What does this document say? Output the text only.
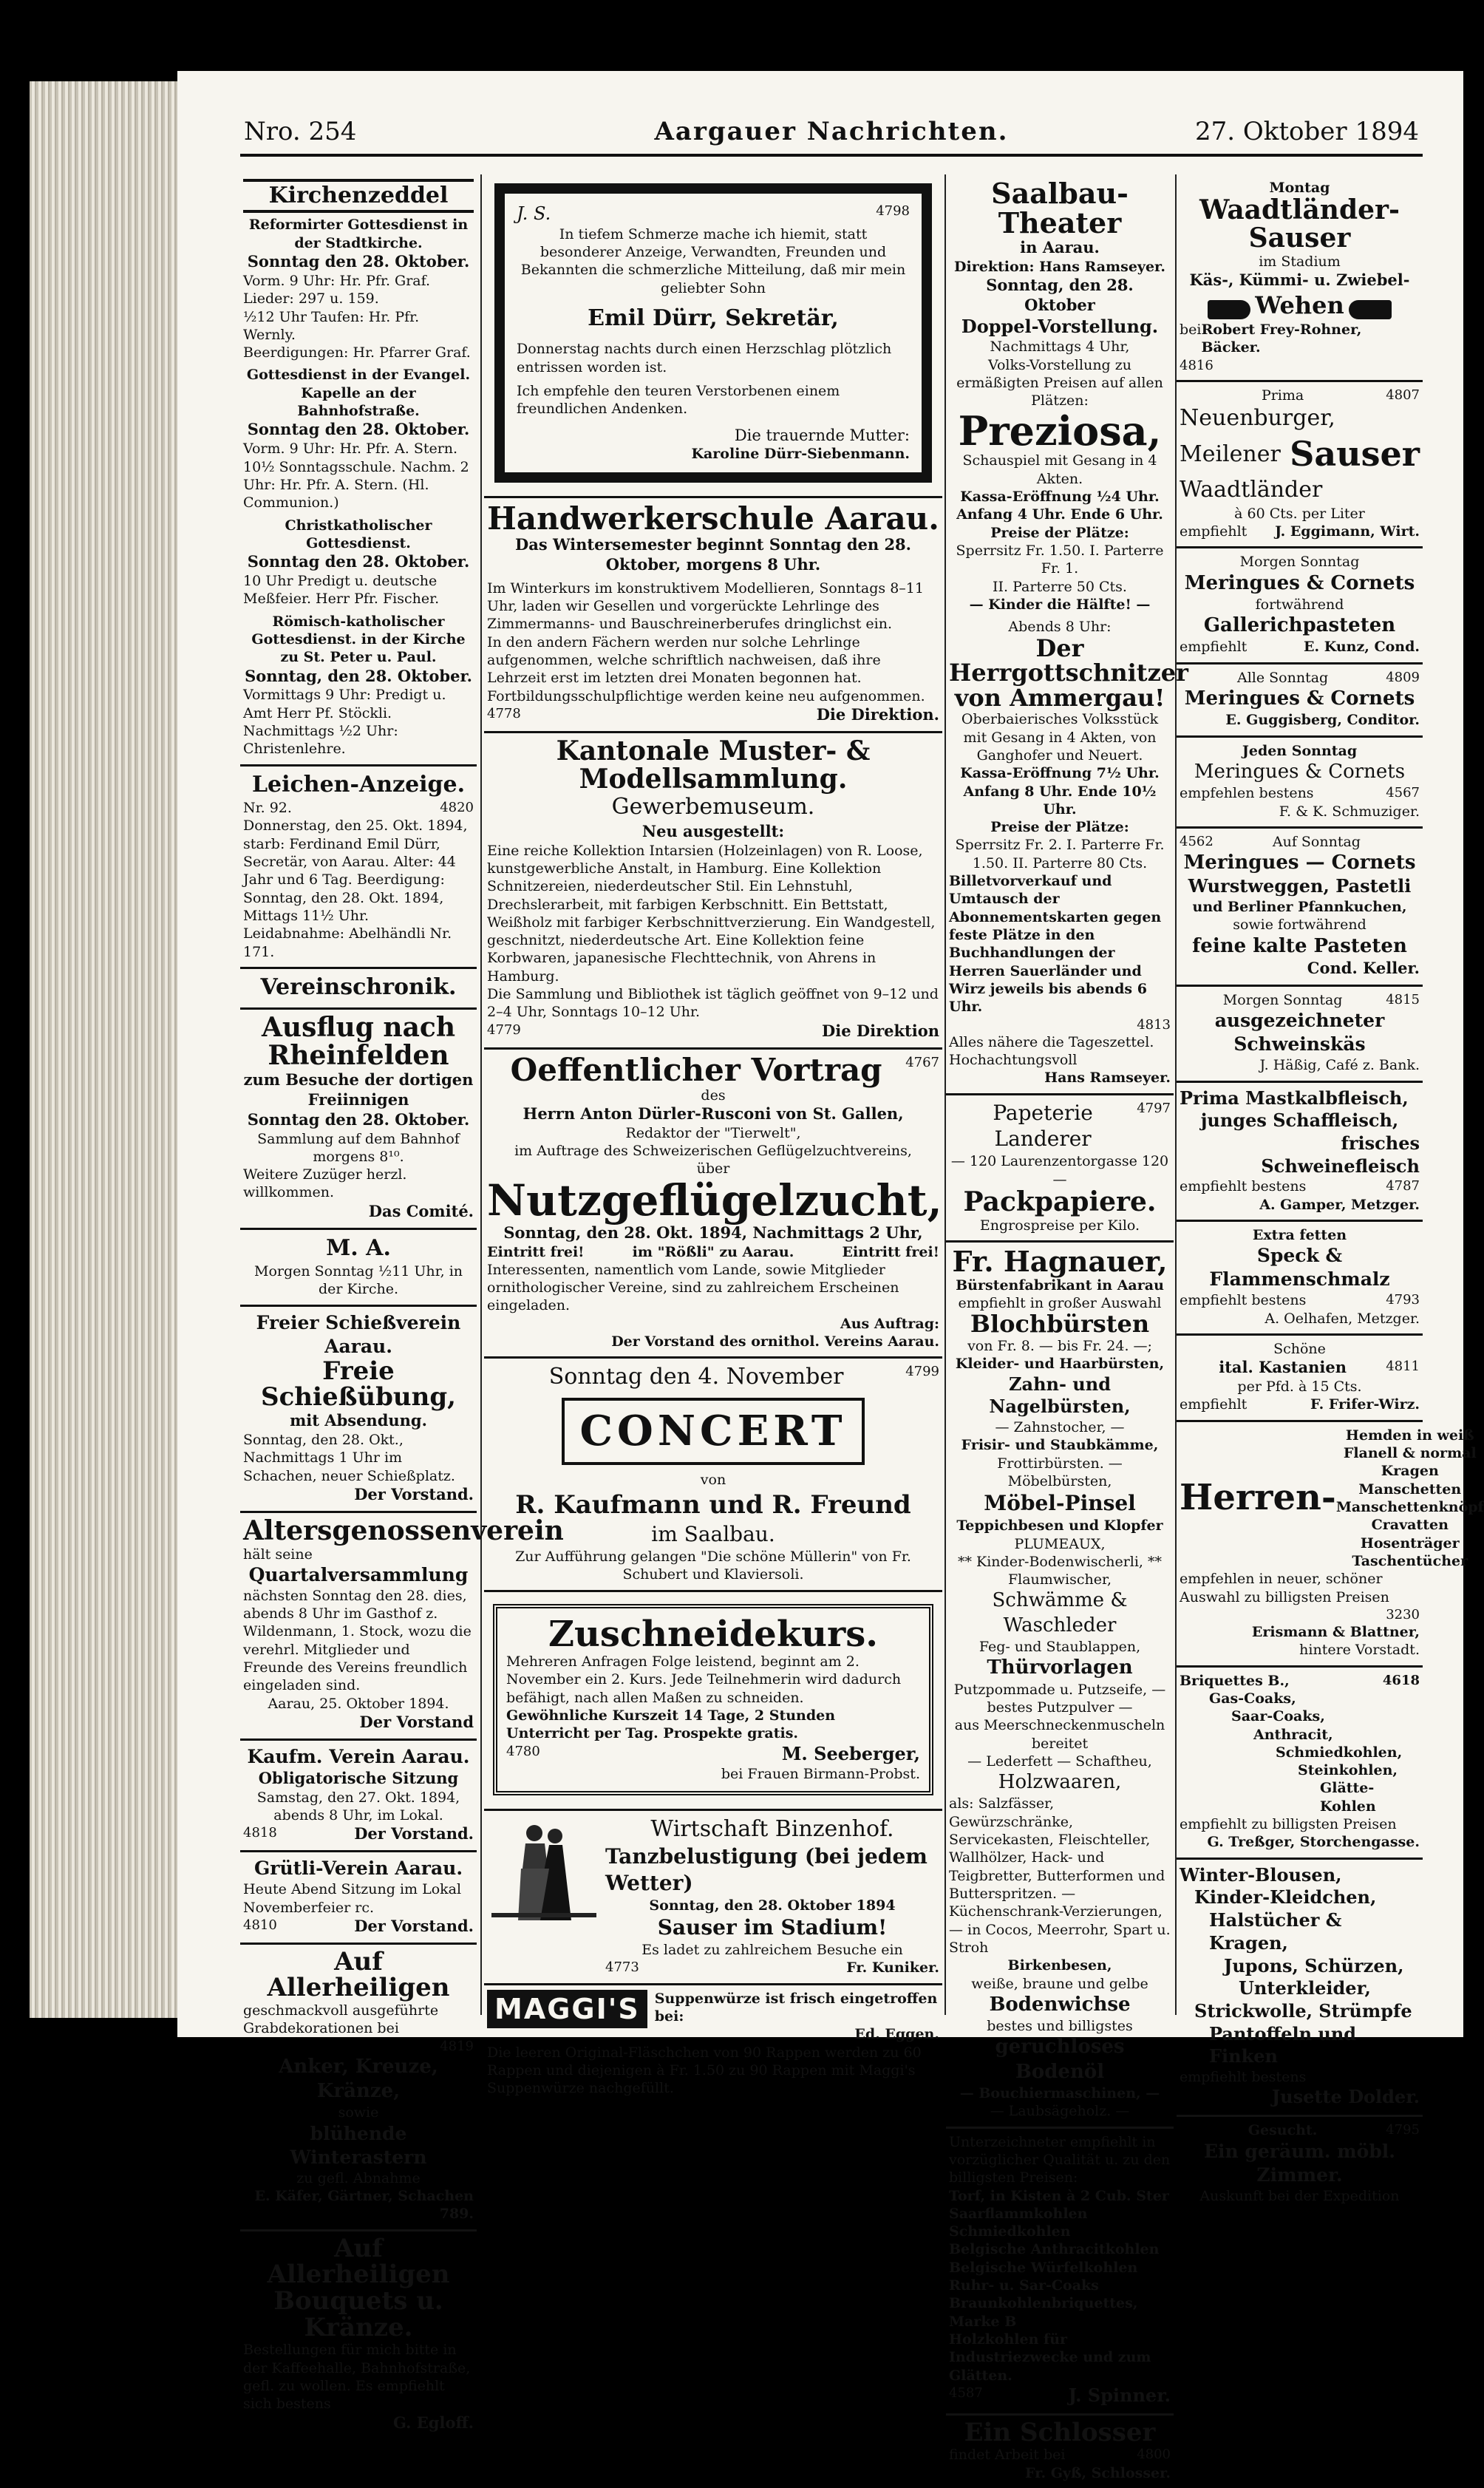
Nro. 254	Aargauer Nachrichten.	27. Oktober 1894
Kirchenzeddel
Reformirter Gottesdienst in der Stadtkirche.
Sonntag den 28. Oktober.
Vorm. 9 Uhr: Hr. Pfr. Graf. Lieder: 297 u. 159.
½12 Uhr Taufen: Hr. Pfr. Wernly.
Beerdigungen: Hr. Pfarrer Graf.
Gottesdienst in der Evangel. Kapelle an der Bahnhofstraße.
Sonntag den 28. Oktober.
Vorm. 9 Uhr: Hr. Pfr. A. Stern. 10½ Sonntagsschule. Nachm. 2 Uhr: Hr. Pfr. A. Stern. (Hl. Communion.)
Christkatholischer Gottesdienst.
Sonntag den 28. Oktober.
10 Uhr Predigt u. deutsche Meßfeier. Herr Pfr. Fischer.
Römisch-katholischer Gottesdienst. in der Kirche zu St. Peter u. Paul.
Sonntag, den 28. Oktober.
Vormittags 9 Uhr: Predigt u. Amt Herr Pf. Stöckli. Nachmittags ½2 Uhr: Christenlehre.
Leichen-Anzeige.
Nr. 92.	4820
Donnerstag, den 25. Okt. 1894, starb: Ferdinand Emil Dürr, Secretär, von Aarau. Alter: 44 Jahr und 6 Tag. Beerdigung: Sonntag, den 28. Okt. 1894, Mittags 11½ Uhr. Leidabnahme: Abelhändli Nr. 171.
Vereinschronik.
Ausflug nach Rheinfelden
zum Besuche der dortigen Freiinnigen
Sonntag den 28. Oktober.
Sammlung auf dem Bahnhof morgens 8¹⁰.
Weitere Zuzüger herzl. willkommen.
Das Comité.
M. A.
Morgen Sonntag ½11 Uhr, in der Kirche.
Freier Schießverein Aarau.
Freie Schießübung,
mit Absendung.
Sonntag, den 28. Okt., Nachmittags 1 Uhr im Schachen, neuer Schießplatz.
Der Vorstand.
Altersgenossenverein
hält seine
Quartalversammlung
nächsten Sonntag den 28. dies, abends 8 Uhr im Gasthof z. Wildenmann, 1. Stock, wozu die verehrl. Mitglieder und Freunde des Vereins freundlich eingeladen sind.
Aarau, 25. Oktober 1894.
Der Vorstand
Kaufm. Verein Aarau.
Obligatorische Sitzung
Samstag, den 27. Okt. 1894, abends 8 Uhr, im Lokal.
4818	Der Vorstand.
Grütli-Verein Aarau.
Heute Abend Sitzung im Lokal Novemberfeier rc.
4810	Der Vorstand.
Auf Allerheiligen
geschmackvoll ausgeführte Grabdekorationen bei
4819
Anker, Kreuze, Kränze,
sowie
blühende Winterastern
zu gefl. Abnahme
E. Käfer, Gärtner, Schachen 789.
Auf Allerheiligen
Bouquets u. Kränze.
Bestellungen für mich bitte in der Kaffeehalle, Bahnhofstraße, gefl. zu wollen. Es empfiehlt sich bestens
G. Egloff.
J. S.	4798
In tiefem Schmerze mache ich hiemit, statt besonderer Anzeige, Verwandten, Freunden und Bekannten die schmerzliche Mitteilung, daß mir mein geliebter Sohn
Emil Dürr, Sekretär,
Donnerstag nachts durch einen Herzschlag plötzlich entrissen worden ist.
Ich empfehle den teuren Verstorbenen einem freundlichen Andenken.
Die trauernde Mutter:
Karoline Dürr-Siebenmann.
Handwerkerschule Aarau.
Das Wintersemester beginnt Sonntag den 28. Oktober, morgens 8 Uhr.
Im Winterkurs im konstruktivem Modellieren, Sonntags 8–11 Uhr, laden wir Gesellen und vorgerückte Lehrlinge des Zimmermanns- und Bauschreinerberufes dringlichst ein.
In den andern Fächern werden nur solche Lehrlinge aufgenommen, welche schriftlich nachweisen, daß ihre Lehrzeit erst im letzten drei Monaten begonnen hat. Fortbildungsschulpflichtige werden keine neu aufgenommen.
4778	Die Direktion.
Kantonale Muster- & Modellsammlung.
Gewerbemuseum.
Neu ausgestellt:
Eine reiche Kollektion Intarsien (Holzeinlagen) von R. Loose, kunstgewerbliche Anstalt, in Hamburg. Eine Kollektion Schnitzereien, niederdeutscher Stil. Ein Lehnstuhl, Drechslerarbeit, mit farbigen Kerbschnitt. Ein Bettstatt, Weißholz mit farbiger Kerbschnittverzierung. Ein Wandgestell, geschnitzt, niederdeutsche Art. Eine Kollektion feine Korbwaren, japanesische Flechttechnik, von Ahrens in Hamburg.
Die Sammlung und Bibliothek ist täglich geöffnet von 9–12 und 2–4 Uhr, Sonntags 10–12 Uhr.
4779	Die Direktion
Oeffentlicher Vortrag	4767
des
Herrn Anton Dürler-Rusconi von St. Gallen,
Redaktor der "Tierwelt",
im Auftrage des Schweizerischen Geflügelzuchtvereins,
über
Nutzgeflügelzucht,
Sonntag, den 28. Okt. 1894, Nachmittags 2 Uhr,
Eintritt frei!	im "Rößli" zu Aarau.	Eintritt frei!
Interessenten, namentlich vom Lande, sowie Mitglieder ornithologischer Vereine, sind zu zahlreichem Erscheinen eingeladen.
Aus Auftrag:
Der Vorstand des ornithol. Vereins Aarau.
Sonntag den 4. November	4799
CONCERT
von
R. Kaufmann und R. Freund
im Saalbau.
Zur Aufführung gelangen "Die schöne Müllerin" von Fr. Schubert und Klaviersoli.
Zuschneidekurs.
Mehreren Anfragen Folge leistend, beginnt am 2. November ein 2. Kurs. Jede Teilnehmerin wird dadurch befähigt, nach allen Maßen zu schneiden.
Gewöhnliche Kurszeit 14 Tage, 2 Stunden Unterricht per Tag. Prospekte gratis.
4780	M. Seeberger,
bei Frauen Birmann-Probst.
Wirtschaft Binzenhof.
Tanzbelustigung (bei jedem Wetter)
Sonntag, den 28. Oktober 1894
Sauser im Stadium!
Es ladet zu zahlreichem Besuche ein
4773	Fr. Kuniker.
MAGGI'S	Suppenwürze ist frisch eingetroffen bei:
Ed. Eggen.
Die leeren Original-Fläschchen von 90 Rappen werden zu 60 Rappen und diejenigen à Fr. 1.50 zu 90 Rappen mit Maggi's Suppenwürze nachgefüllt.
Saalbau-Theater
in Aarau.
Direktion: Hans Ramseyer.
Sonntag, den 28. Oktober
Doppel-Vorstellung.
Nachmittags 4 Uhr,
Volks-Vorstellung zu ermäßigten Preisen auf allen Plätzen:
Preziosa,
Schauspiel mit Gesang in 4 Akten.
Kassa-Eröffnung ½4 Uhr. Anfang 4 Uhr. Ende 6 Uhr.
Preise der Plätze:
Sperrsitz Fr. 1.50. I. Parterre Fr. 1.
II. Parterre 50 Cts.
— Kinder die Hälfte! —
Abends 8 Uhr:
Der Herrgottschnitzer von Ammergau!
Oberbaierisches Volksstück mit Gesang in 4 Akten, von Ganghofer und Neuert.
Kassa-Eröffnung 7½ Uhr. Anfang 8 Uhr. Ende 10½ Uhr.
Preise der Plätze:
Sperrsitz Fr. 2. I. Parterre Fr. 1.50. II. Parterre 80 Cts.
Billetvorverkauf und Umtausch der Abonnementskarten gegen feste Plätze in den Buchhandlungen der Herren Sauerländer und Wirz jeweils bis abends 6 Uhr.
4813
Alles nähere die Tageszettel. Hochachtungsvoll
Hans Ramseyer.
Papeterie Landerer
4797
— 120 Laurenzentorgasse 120 —
Packpapiere.
Engrospreise per Kilo.
Fr. Hagnauer,
Bürstenfabrikant in Aarau
empfiehlt in großer Auswahl
Blochbürsten
von Fr. 8. — bis Fr. 24. —;
Kleider- und Haarbürsten,
Zahn- und Nagelbürsten,
— Zahnstocher, —
Frisir- und Staubkämme,
Frottirbürsten. — Möbelbürsten,
Möbel-Pinsel
Teppichbesen und Klopfer
PLUMEAUX,
** Kinder-Bodenwischerli, **
Flaumwischer,
Schwämme & Waschleder
Feg- und Staublappen,
Thürvorlagen
Putzpommade u. Putzseife, — bestes Putzpulver —
aus Meerschneckenmuscheln bereitet
— Lederfett — Schaftheu,
Holzwaaren,
als: Salzfässer, Gewürzschränke, Servicekasten, Fleischteller, Wallhölzer, Hack- und Teigbretter, Butterformen und Butterspritzen. — Küchenschrank-Verzierungen, — in Cocos, Meerrohr, Spart u. Stroh
Birkenbesen,
weiße, braune und gelbe
Bodenwichse
bestes und billigstes
geruchloses Bodenöl
— Bouchiermaschinen, —
— Laubsägeholz. —
Unterzeichneter empfiehlt in vorzüglicher Qualität u. zu den billigsten Preisen:
Torf, in Kisten à 2 Cub. Ster
Saarflammkohlen
Schmiedkohlen
Belgische Anthracitkohlen
Belgische Würfelkohlen
Ruhr- u. Sar-Coaks
Braunkohlenbriquettes, Marke B
Holzkohlen für Industriezwecke und zum Glätten.
4587	J. Spinner.
Ein Schlosser
findet Arbeit bei	4800
Fr. Gyß, Schlosser.
Montag
Waadtländer-Sauser
im Stadium
Käs-, Kümmi- u. Zwiebel-
Wehen
bei Robert Frey-Rohner, Bäcker.
4816
Prima	4807
Neuenburger,
Meilener Sauser
Waadtländer
à 60 Cts. per Liter
empfiehlt J. Eggimann, Wirt.
Morgen Sonntag
Meringues & Cornets
fortwährend
Gallerichpasteten
empfiehlt	E. Kunz, Cond.
Alle Sonntag	4809
Meringues & Cornets
E. Guggisberg, Conditor.
Jeden Sonntag
Meringues & Cornets
empfehlen bestens	4567
F. & K. Schmuziger.
4562	Auf Sonntag
Meringues — Cornets
Wurstweggen, Pastetli
und Berliner Pfannkuchen,
sowie fortwährend
feine kalte Pasteten
Cond. Keller.
Morgen Sonntag	4815
ausgezeichneter Schweinskäs
J. Häßig, Café z. Bank.
Prima Mastkalbfleisch,
junges Schaffleisch,
frisches Schweinefleisch
empfiehlt bestens	4787
A. Gamper, Metzger.
Extra fetten
Speck & Flammenschmalz
empfiehlt bestens	4793
A. Oelhafen, Metzger.
Schöne
ital. Kastanien	4811
per Pfd. à 15 Cts.
empfiehlt	F. Frifer-Wirz.
Herren-
Hemden in weiß
Flanell & normal
Kragen
Manschetten
Manschettenknöpf
Cravatten
Hosenträger
Taschentücher
empfehlen in neuer, schöner Auswahl zu billigsten Preisen
3230
Erismann & Blattner,
hintere Vorstadt.
Briquettes B.,	4618
Gas-Coaks,
Saar-Coaks,
Anthracit,
Schmiedkohlen,
Steinkohlen,
Glätte-Kohlen
empfiehlt zu billigsten Preisen
G. Treßger, Storchengasse.
Winter-Blousen,
Kinder-Kleidchen,
Halstücher & Kragen,
Jupons, Schürzen,
Unterkleider,
Strickwolle, Strümpfe
Pantoffeln und Finken
empfiehlt bestens
Jusette Dolder.
Gesucht.	4795
Ein geräum. möbl. Zimmer.
Auskunft bei der Expedition
